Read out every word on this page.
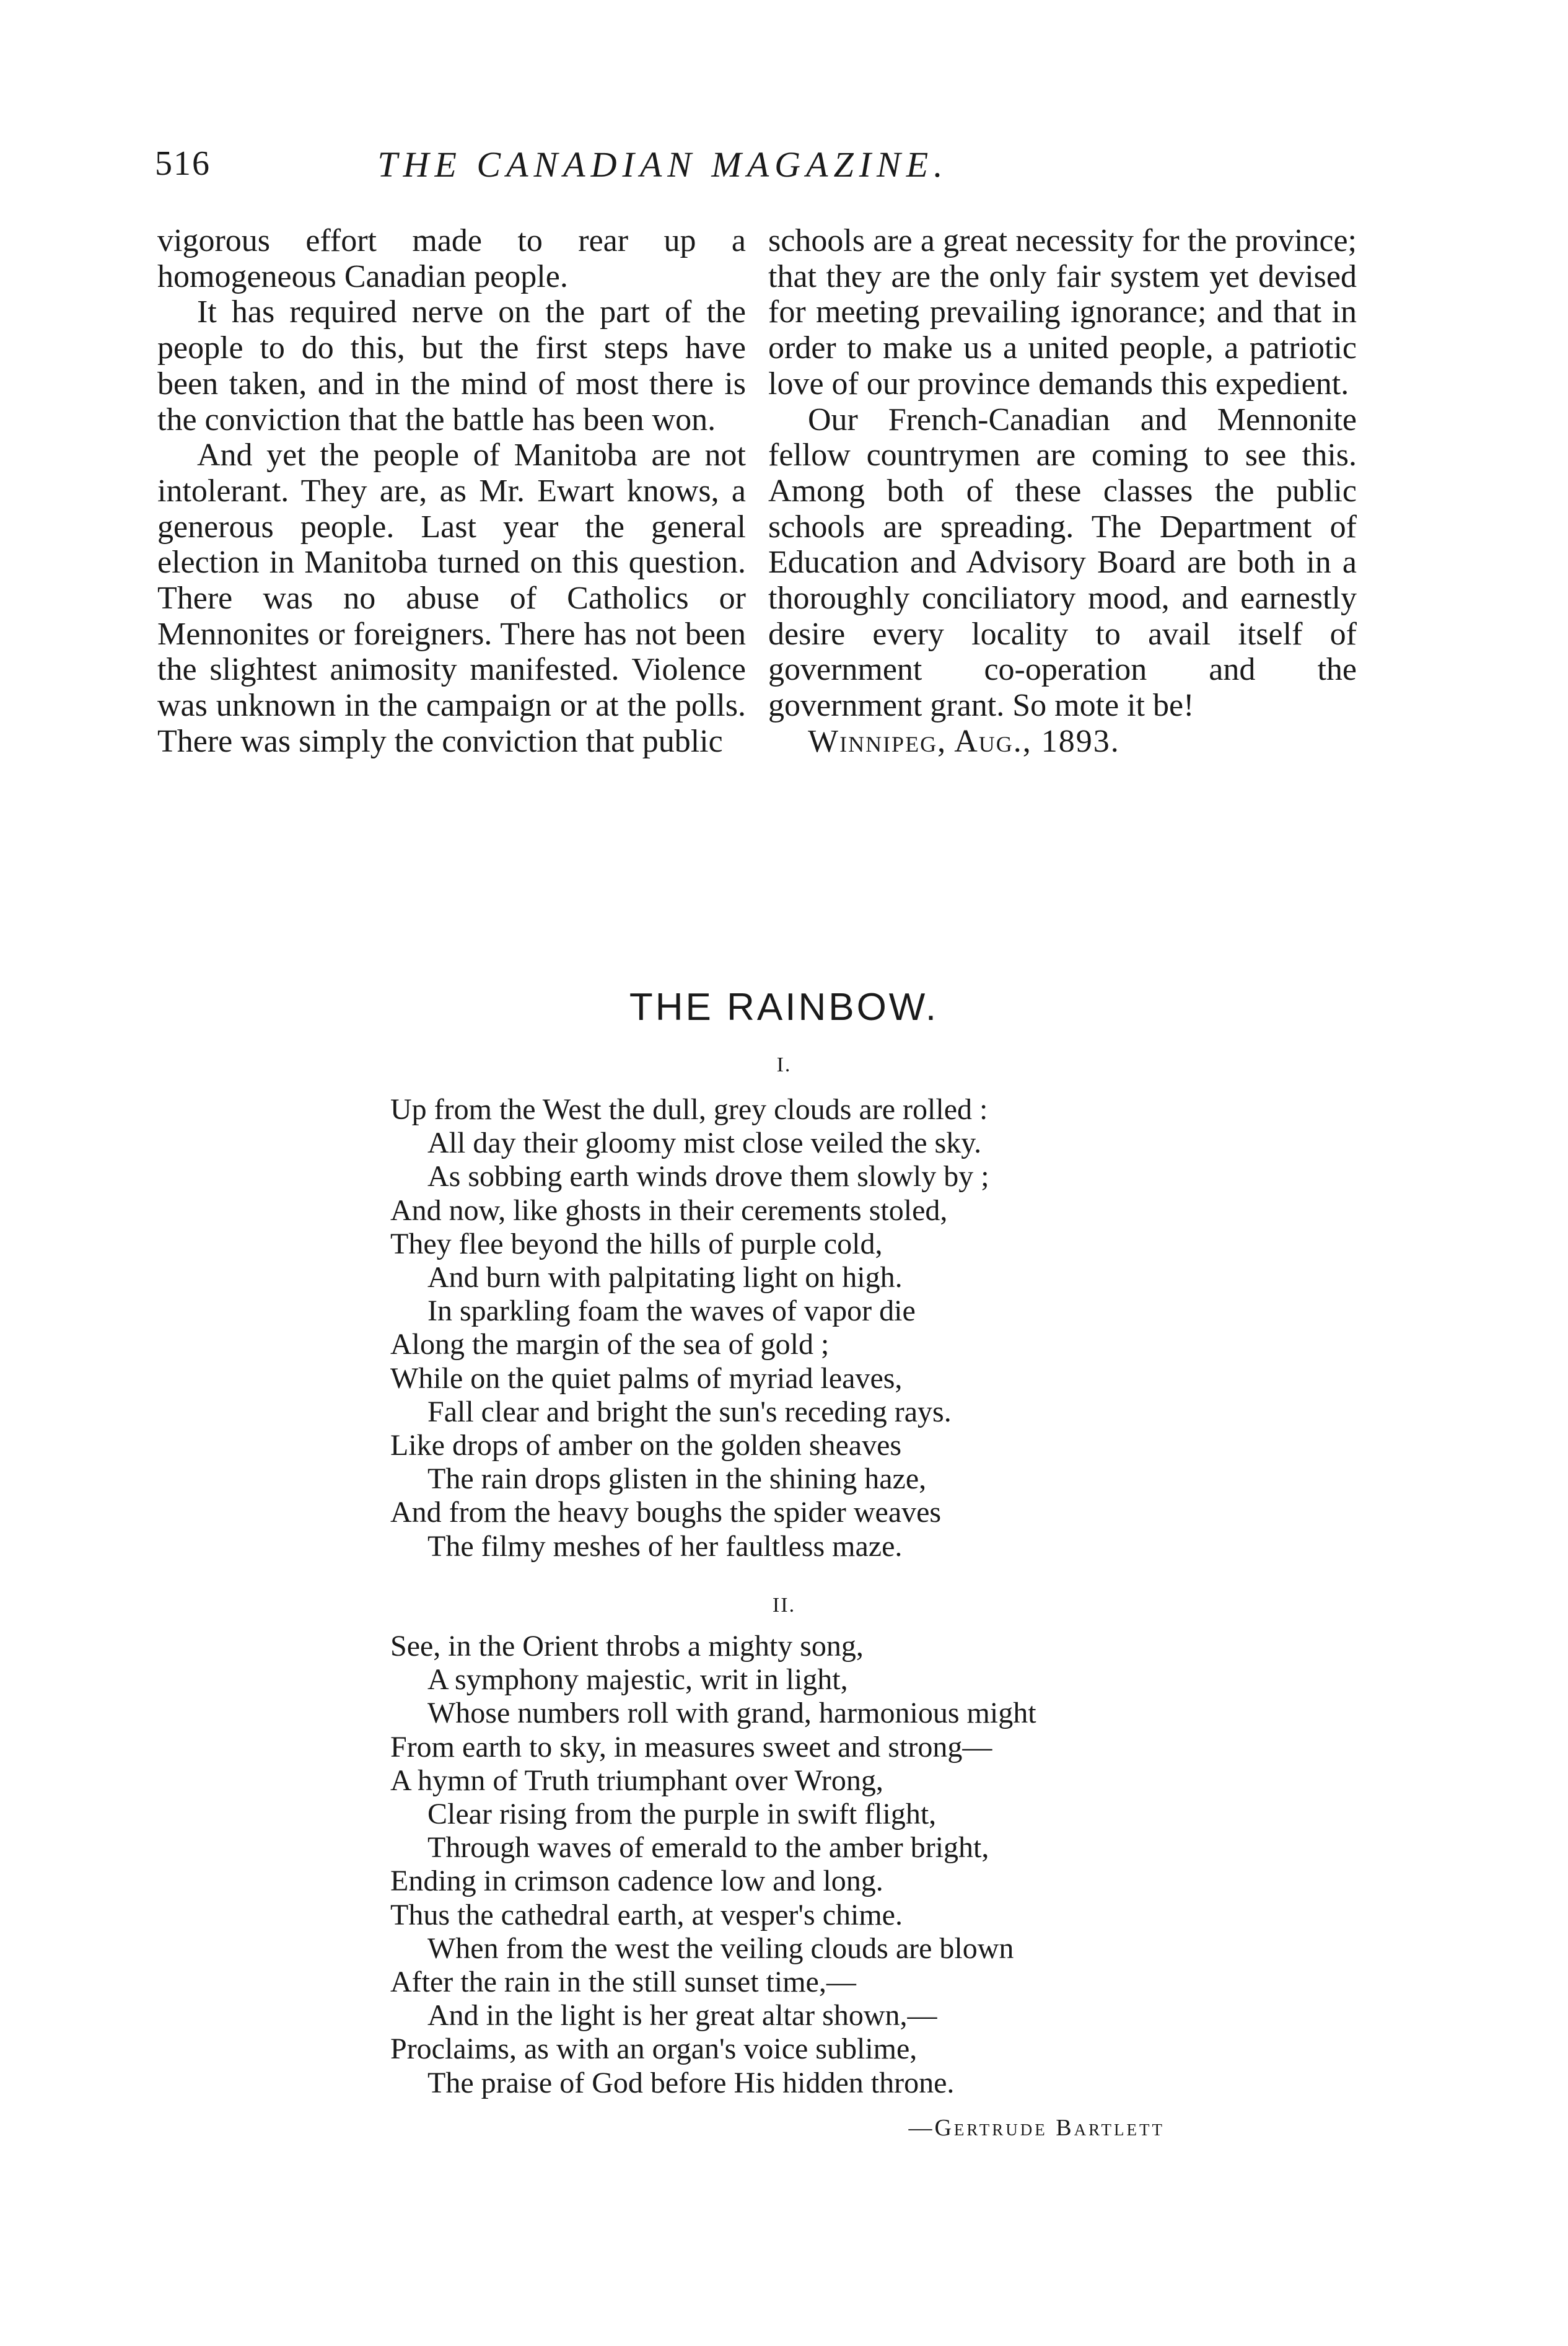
516	THE CANADIAN MAGAZINE.

vigorous effort made to rear up a homogeneous Canadian people.

It has required nerve on the part of the people to do this, but the first steps have been taken, and in the mind of most there is the conviction that the battle has been won.

And yet the people of Manitoba are not intolerant. They are, as Mr. Ewart knows, a generous people. Last year the general election in Manitoba turned on this question. There was no abuse of Catholics or Mennonites or foreigners. There has not been the slightest animosity manifested. Violence was unknown in the campaign or at the polls. There was simply the conviction that public

schools are a great necessity for the province; that they are the only fair system yet devised for meeting prevailing ignorance; and that in order to make us a united people, a patriotic love of our province demands this expedient.

Our French-Canadian and Mennonite fellow countrymen are coming to see this. Among both of these classes the public schools are spreading. The Department of Education and Advisory Board are both in a thoroughly conciliatory mood, and earnestly desire every locality to avail itself of government co-operation and the government grant. So mote it be!

Winnipeg, Aug., 1893.

THE RAINBOW.
I.
Up from the West the dull, grey clouds are rolled :
All day their gloomy mist close veiled the sky.
As sobbing earth winds drove them slowly by ;
And now, like ghosts in their cerements stoled,
They flee beyond the hills of purple cold,
And burn with palpitating light on high.
In sparkling foam the waves of vapor die
Along the margin of the sea of gold ;
While on the quiet palms of myriad leaves,
Fall clear and bright the sun's receding rays.
Like drops of amber on the golden sheaves
The rain drops glisten in the shining haze,
And from the heavy boughs the spider weaves
The filmy meshes of her faultless maze.
II.
See, in the Orient throbs a mighty song,
A symphony majestic, writ in light,
Whose numbers roll with grand, harmonious might
From earth to sky, in measures sweet and strong—
A hymn of Truth triumphant over Wrong,
Clear rising from the purple in swift flight,
Through waves of emerald to the amber bright,
Ending in crimson cadence low and long.
Thus the cathedral earth, at vesper's chime.
When from the west the veiling clouds are blown
After the rain in the still sunset time,—
And in the light is her great altar shown,—
Proclaims, as with an organ's voice sublime,
The praise of God before His hidden throne.
—Gertrude Bartlett
